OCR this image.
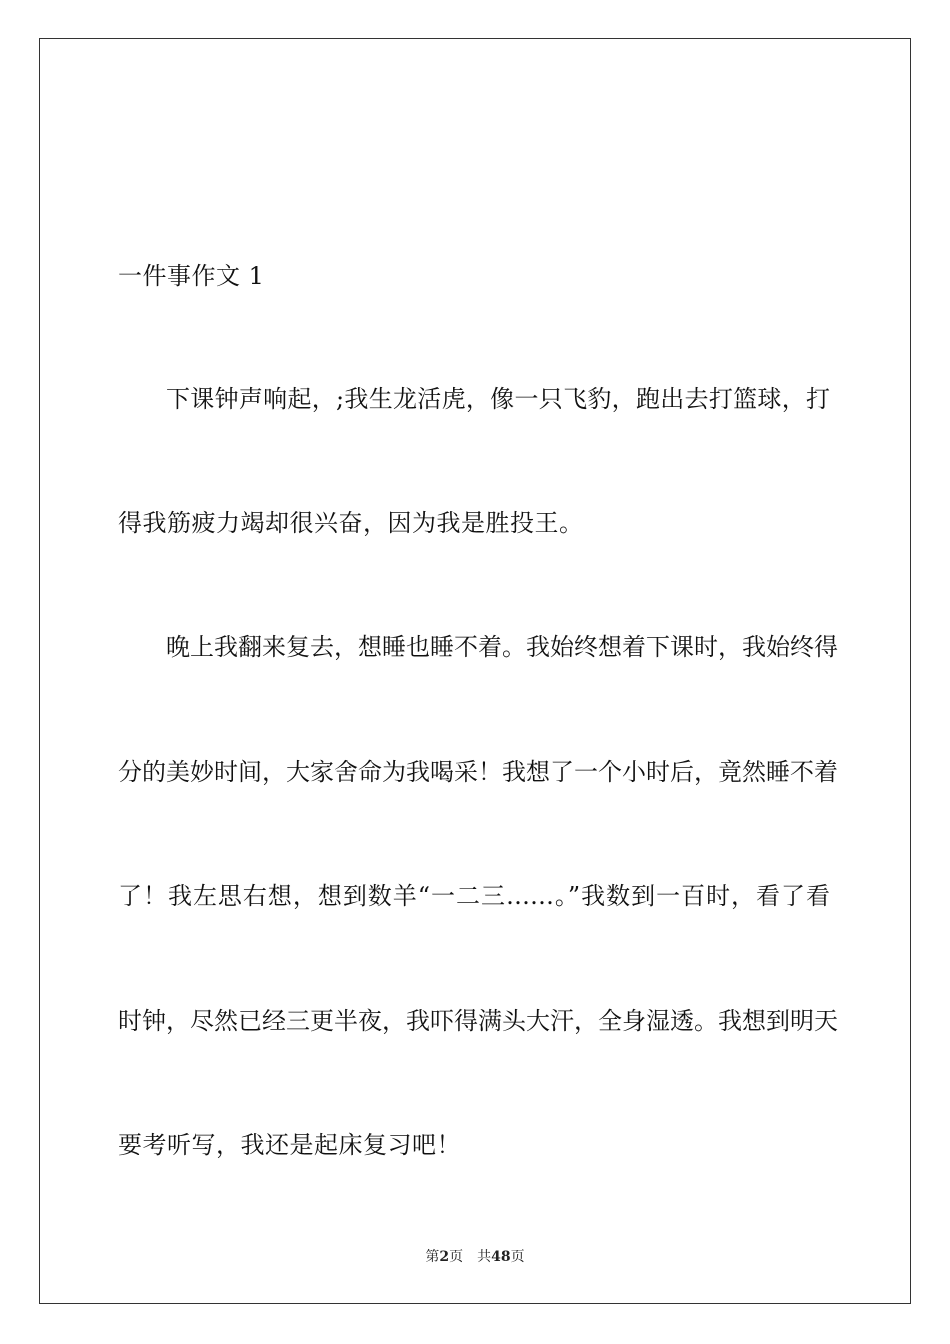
一件事作文 1
下课钟声响起，;我生龙活虎，像一只飞豹，跑出去打篮球，打
得我筋疲力竭却很兴奋，因为我是胜投王。
晚上我翻来复去，想睡也睡不着。我始终想着下课时，我始终得
分的美妙时间，大家舍命为我喝采！我想了一个小时后，竟然睡不着
了！我左思右想，想到数羊“一二三……。”我数到一百时，看了看
时钟，尽然已经三更半夜，我吓得满头大汗，全身湿透。我想到明天
要考听写，我还是起床复习吧！
第2页 共48页
